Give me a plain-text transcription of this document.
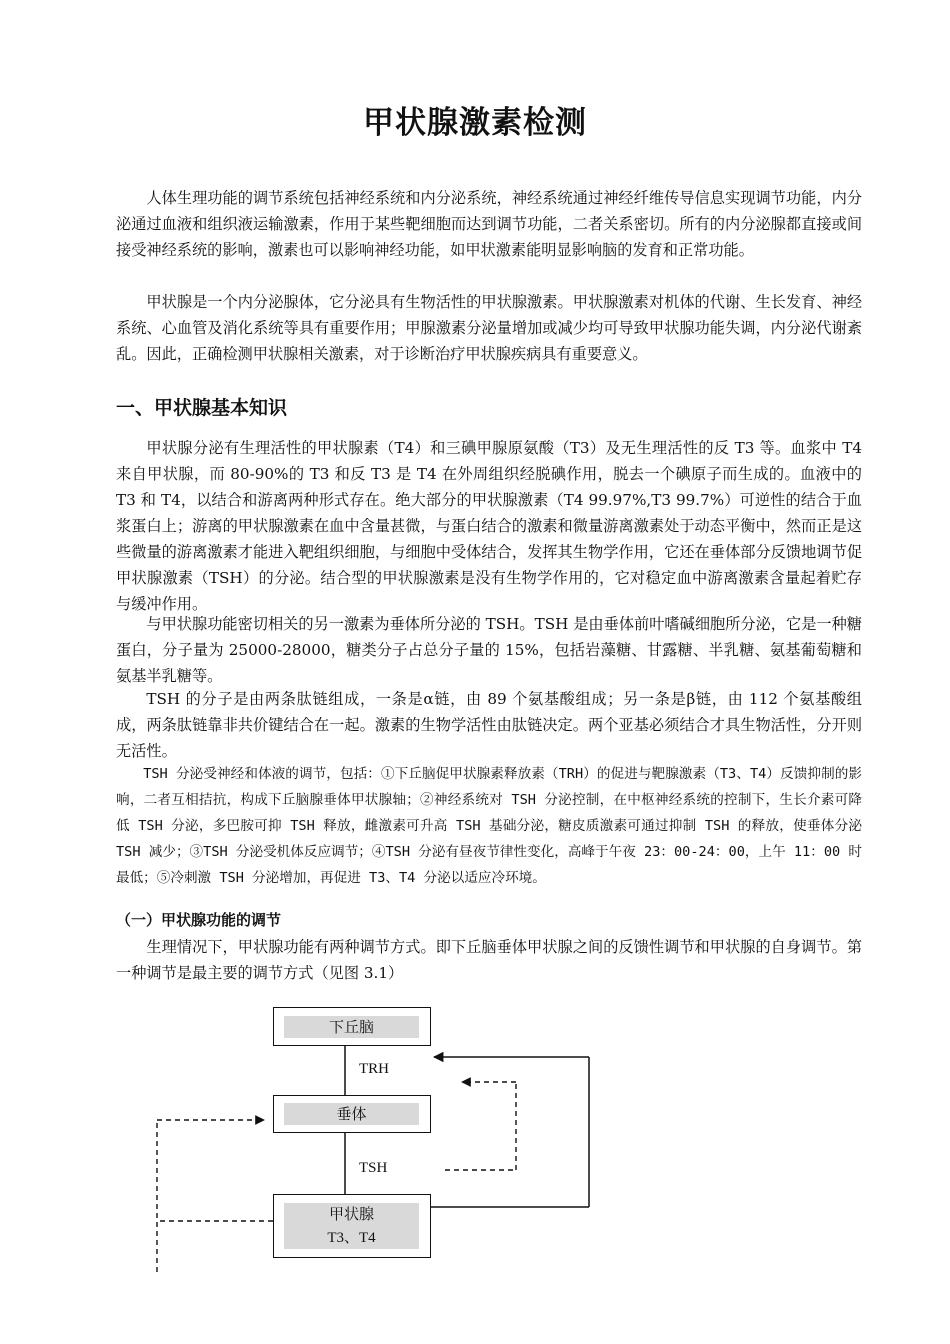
甲状腺激素检测

人体生理功能的调节系统包括神经系统和内分泌系统，神经系统通过神经纤维传导信息实现调节功能，内分泌通过血液和组织液运输激素，作用于某些靶细胞而达到调节功能，二者关系密切。所有的内分泌腺都直接或间接受神经系统的影响，激素也可以影响神经功能，如甲状激素能明显影响脑的发育和正常功能。

甲状腺是一个内分泌腺体，它分泌具有生物活性的甲状腺激素。甲状腺激素对机体的代谢、生长发育、神经系统、心血管及消化系统等具有重要作用；甲腺激素分泌量增加或减少均可导致甲状腺功能失调，内分泌代谢紊乱。因此，正确检测甲状腺相关激素，对于诊断治疗甲状腺疾病具有重要意义。

一、甲状腺基本知识

甲状腺分泌有生理活性的甲状腺素（T4）和三碘甲腺原氨酸（T3）及无生理活性的反 T3 等。血浆中 T4 来自甲状腺，而 80-90%的 T3 和反 T3 是 T4 在外周组织经脱碘作用，脱去一个碘原子而生成的。血液中的 T3 和 T4，以结合和游离两种形式存在。绝大部分的甲状腺激素（T4 99.97%,T3 99.7%）可逆性的结合于血浆蛋白上；游离的甲状腺激素在血中含量甚微，与蛋白结合的激素和微量游离激素处于动态平衡中，然而正是这些微量的游离激素才能进入靶组织细胞，与细胞中受体结合，发挥其生物学作用，它还在垂体部分反馈地调节促甲状腺激素（TSH）的分泌。结合型的甲状腺激素是没有生物学作用的，它对稳定血中游离激素含量起着贮存与缓冲作用。

与甲状腺功能密切相关的另一激素为垂体所分泌的 TSH。TSH 是由垂体前叶嗜碱细胞所分泌，它是一种糖蛋白，分子量为 25000-28000，糖类分子占总分子量的 15%，包括岩藻糖、甘露糖、半乳糖、氨基葡萄糖和氨基半乳糖等。

TSH 的分子是由两条肽链组成，一条是α链，由 89 个氨基酸组成；另一条是β链，由 112 个氨基酸组成，两条肽链靠非共价键结合在一起。激素的生物学活性由肽链决定。两个亚基必须结合才具生物活性，分开则无活性。

TSH 分泌受神经和体液的调节，包括：①下丘脑促甲状腺素释放素（TRH）的促进与靶腺激素（T3、T4）反馈抑制的影响，二者互相拮抗，构成下丘脑腺垂体甲状腺轴；②神经系统对 TSH 分泌控制，在中枢神经系统的控制下，生长介素可降低 TSH 分泌，多巴胺可抑 TSH 释放，雌激素可升高 TSH 基础分泌，糖皮质激素可通过抑制 TSH 的释放，使垂体分泌 TSH 减少；③TSH 分泌受机体反应调节；④TSH 分泌有昼夜节律性变化，高峰于午夜 23：00-24：00，上午 11：00 时最低；⑤冷刺激 TSH 分泌增加，再促进 T3、T4 分泌以适应冷环境。

（一）甲状腺功能的调节

生理情况下，甲状腺功能有两种调节方式。即下丘脑垂体甲状腺之间的反馈性调节和甲状腺的自身调节。第一种调节是最主要的调节方式（见图 3.1）

下丘脑
TRH
垂体
TSH
甲状腺
T3、T4
